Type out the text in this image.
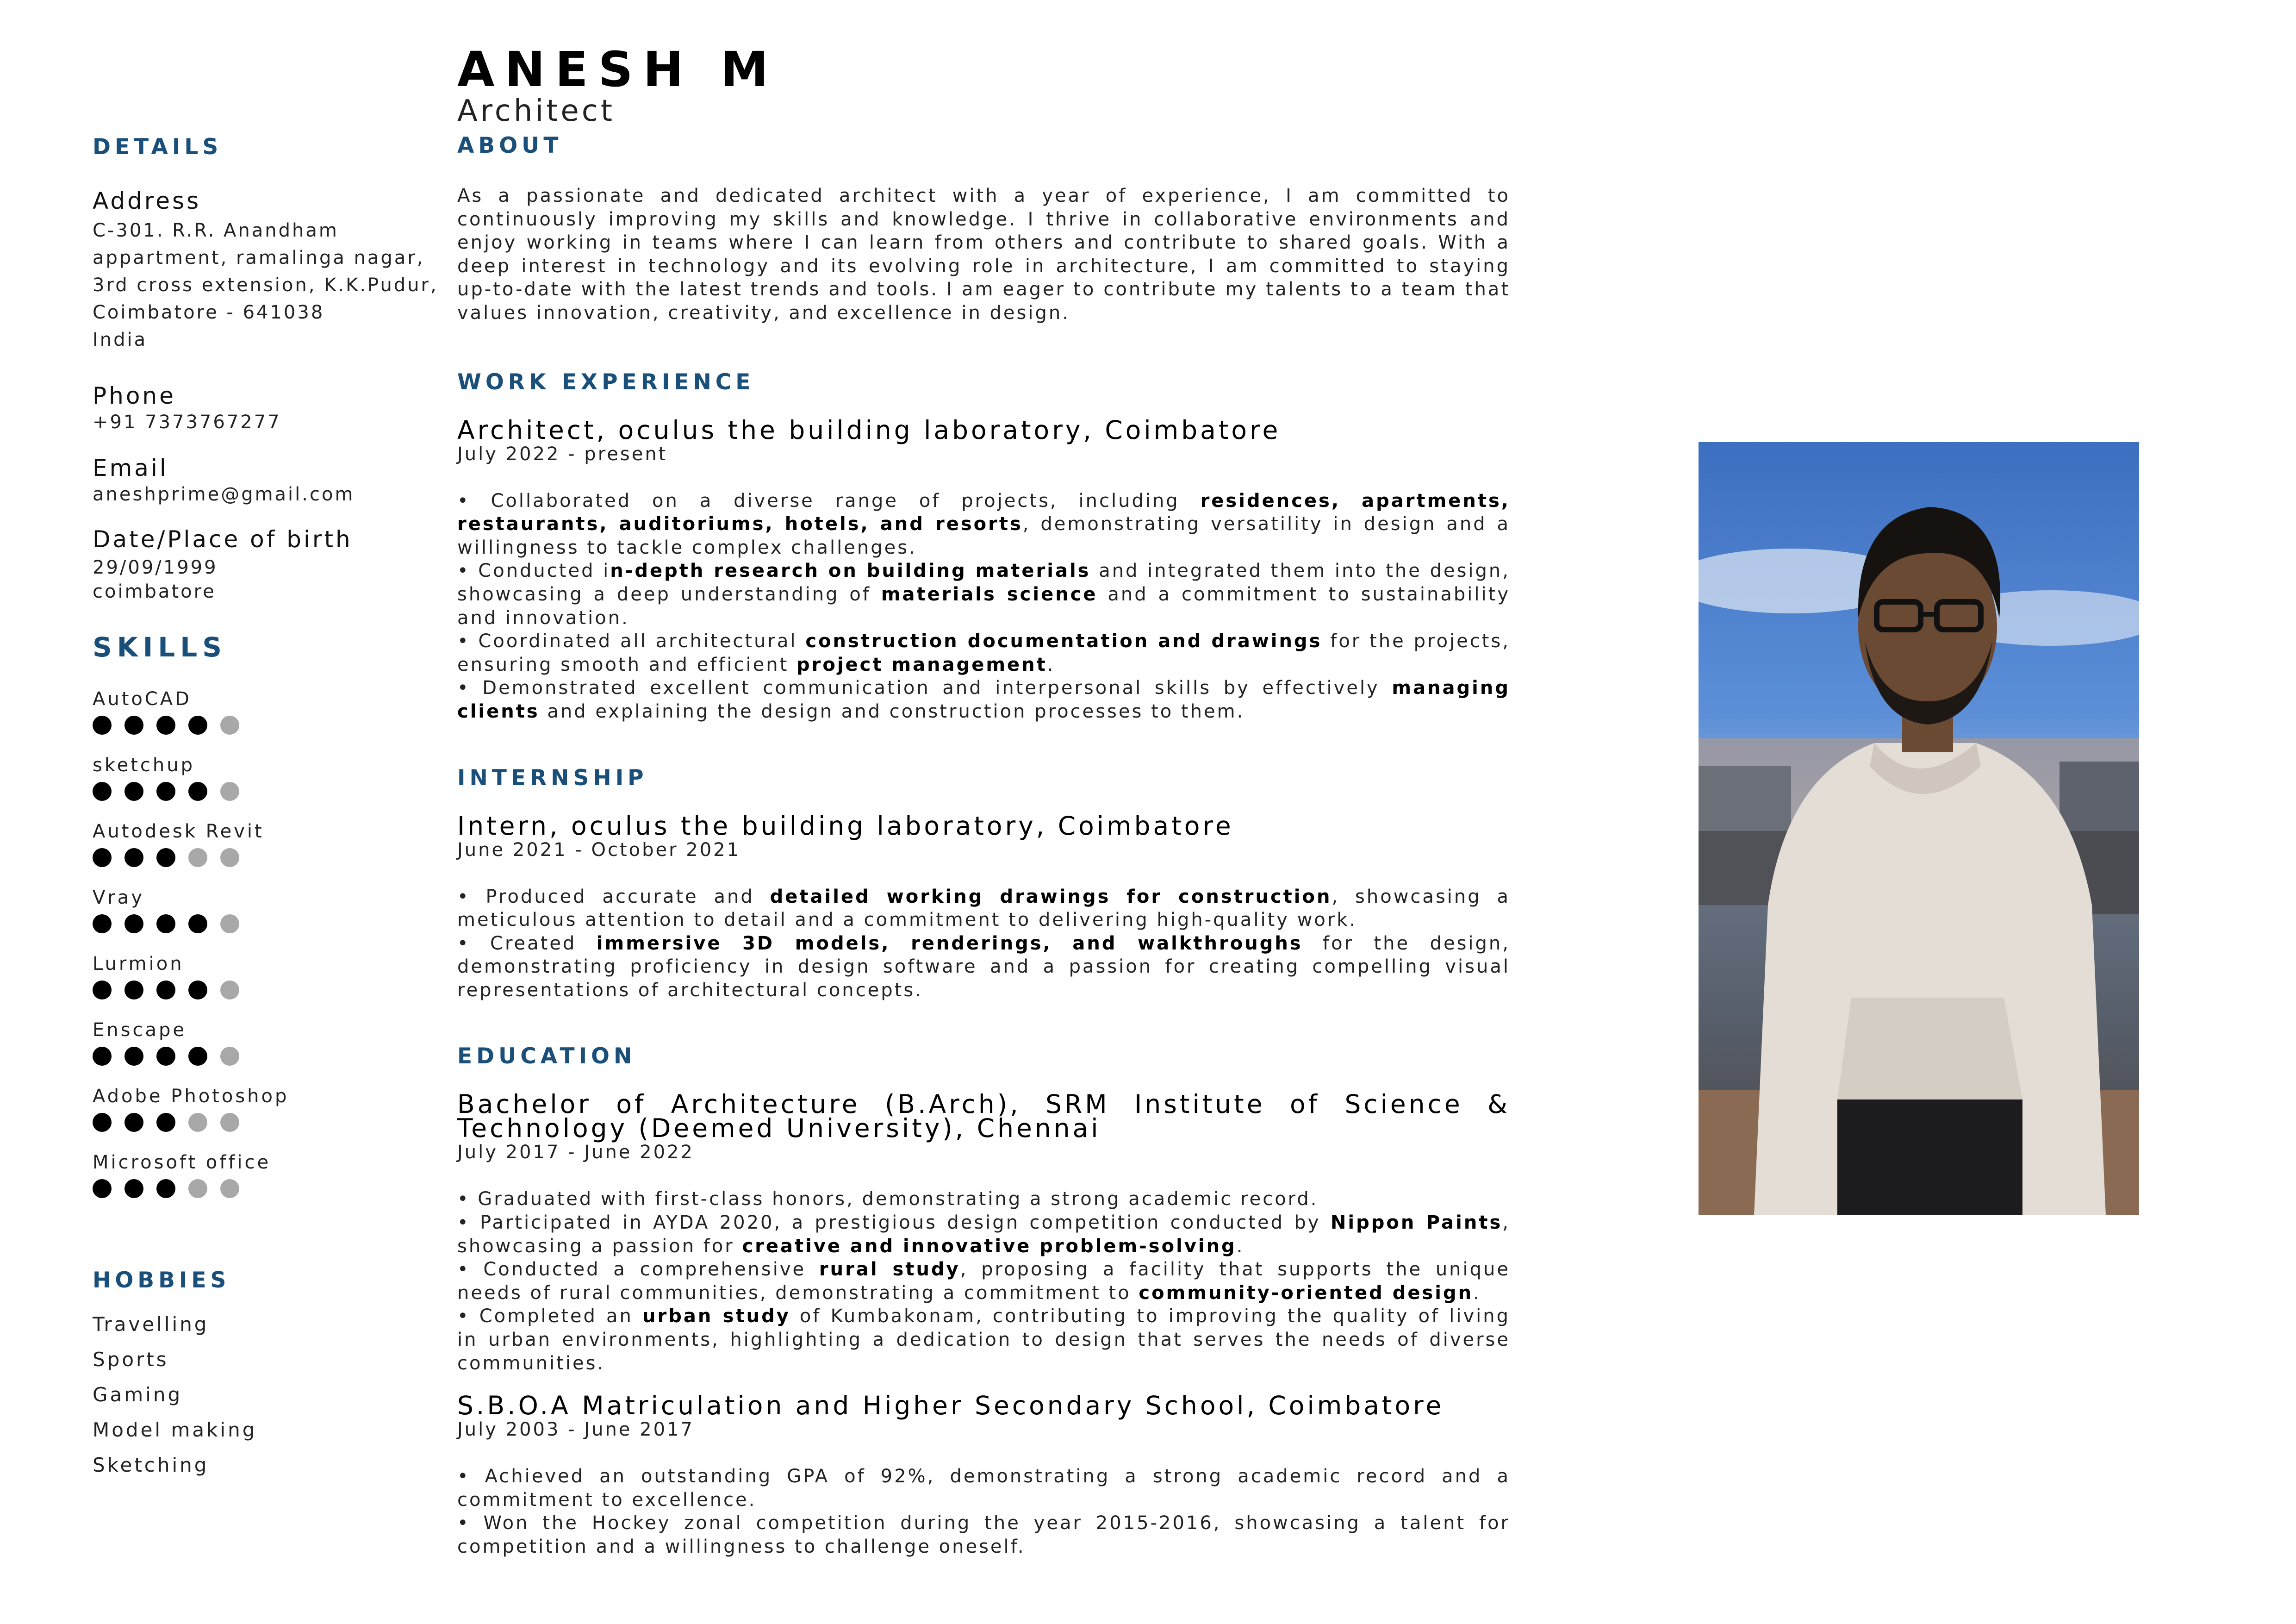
DETAILS
Address
C-301. R.R. Anandham
appartment, ramalinga nagar,
3rd cross extension, K.K.Pudur,
Coimbatore - 641038
India
Phone
+91 7373767277
Email
aneshprime@gmail.com
Date/Place of birth
29/09/1999
coimbatore
SKILLS
AutoCAD
sketchup
Autodesk Revit
Vray
Lurmion
Enscape
Adobe Photoshop
Microsoft office
HOBBIES
Travelling
Sports
Gaming
Model making
Sketching
ANESH M
Architect
ABOUT
As a passionate and dedicated architect with a year of experience, I am committed to continuously improving my skills and knowledge. I thrive in collaborative environments and enjoy working in teams where I can learn from others and contribute to shared goals. With a deep interest in technology and its evolving role in architecture, I am committed to staying up-to-date with the latest trends and tools. I am eager to contribute my talents to a team that values innovation, creativity, and excellence in design.
WORK EXPERIENCE
Architect, oculus the building laboratory, Coimbatore
July 2022 - present
• Collaborated on a diverse range of projects, including residences, apartments, restaurants, auditoriums, hotels, and resorts, demonstrating versatility in design and a willingness to tackle complex challenges.
• Conducted in-depth research on building materials and integrated them into the design, showcasing a deep understanding of materials science and a commitment to sustainability and innovation.
• Coordinated all architectural construction documentation and drawings for the projects, ensuring smooth and efficient project management.
• Demonstrated excellent communication and interpersonal skills by effectively managing clients and explaining the design and construction processes to them.
INTERNSHIP
Intern, oculus the building laboratory, Coimbatore
June 2021 - October 2021
• Produced accurate and detailed working drawings for construction, showcasing a meticulous attention to detail and a commitment to delivering high-quality work.
• Created immersive 3D models, renderings, and walkthroughs for the design, demonstrating proficiency in design software and a passion for creating compelling visual representations of architectural concepts.
EDUCATION
Bachelor of Architecture (B.Arch), SRM Institute of Science & Technology (Deemed University), Chennai
July 2017 - June 2022
• Graduated with first-class honors, demonstrating a strong academic record.
• Participated in AYDA 2020, a prestigious design competition conducted by Nippon Paints, showcasing a passion for creative and innovative problem-solving.
• Conducted a comprehensive rural study, proposing a facility that supports the unique needs of rural communities, demonstrating a commitment to community-oriented design.
• Completed an urban study of Kumbakonam, contributing to improving the quality of living in urban environments, highlighting a dedication to design that serves the needs of diverse communities.
S.B.O.A Matriculation and Higher Secondary School, Coimbatore
July 2003 - June 2017
• Achieved an outstanding GPA of 92%, demonstrating a strong academic record and a commitment to excellence.
• Won the Hockey zonal competition during the year 2015-2016, showcasing a talent for competition and a willingness to challenge oneself.
